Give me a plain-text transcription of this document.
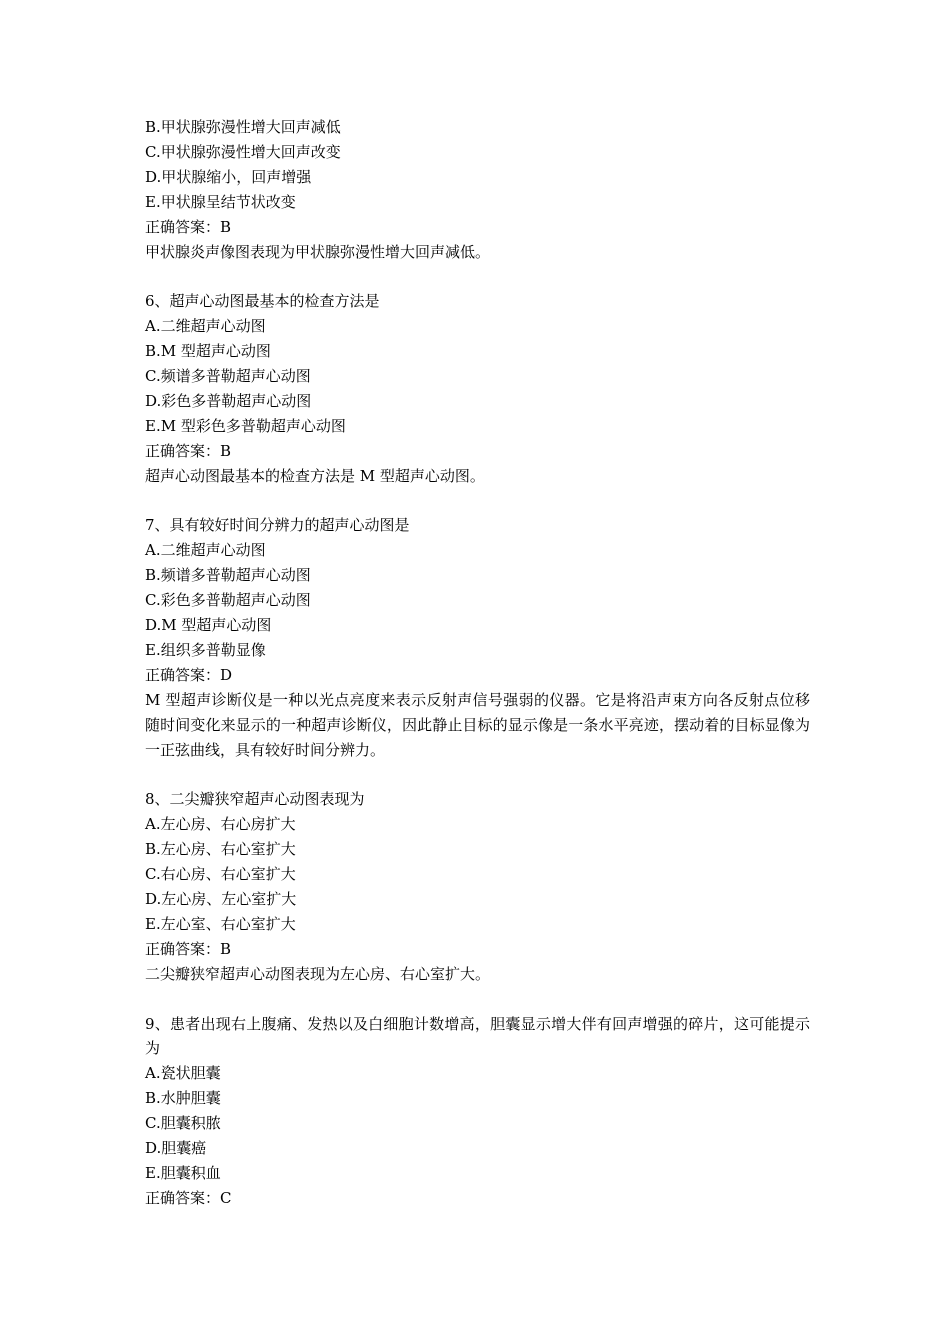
B.甲状腺弥漫性增大回声减低

C.甲状腺弥漫性增大回声改变

D.甲状腺缩小，回声增强

E.甲状腺呈结节状改变

正确答案：B

甲状腺炎声像图表现为甲状腺弥漫性增大回声减低。

6、超声心动图最基本的检查方法是

A.二维超声心动图

B.M 型超声心动图

C.频谱多普勒超声心动图

D.彩色多普勒超声心动图

E.M 型彩色多普勒超声心动图

正确答案：B

超声心动图最基本的检查方法是 M 型超声心动图。

7、具有较好时间分辨力的超声心动图是

A.二维超声心动图

B.频谱多普勒超声心动图

C.彩色多普勒超声心动图

D.M 型超声心动图

E.组织多普勒显像

正确答案：D

M 型超声诊断仪是一种以光点亮度来表示反射声信号强弱的仪器。它是将沿声束方向各反射点位移随时间变化来显示的一种超声诊断仪，因此静止目标的显示像是一条水平亮迹，摆动着的目标显像为一正弦曲线，具有较好时间分辨力。

8、二尖瓣狭窄超声心动图表现为

A.左心房、右心房扩大

B.左心房、右心室扩大

C.右心房、右心室扩大

D.左心房、左心室扩大

E.左心室、右心室扩大

正确答案：B

二尖瓣狭窄超声心动图表现为左心房、右心室扩大。

9、患者出现右上腹痛、发热以及白细胞计数增高，胆囊显示增大伴有回声增强的碎片，这可能提示为

A.瓷状胆囊

B.水肿胆囊

C.胆囊积脓

D.胆囊癌

E.胆囊积血

正确答案：C
